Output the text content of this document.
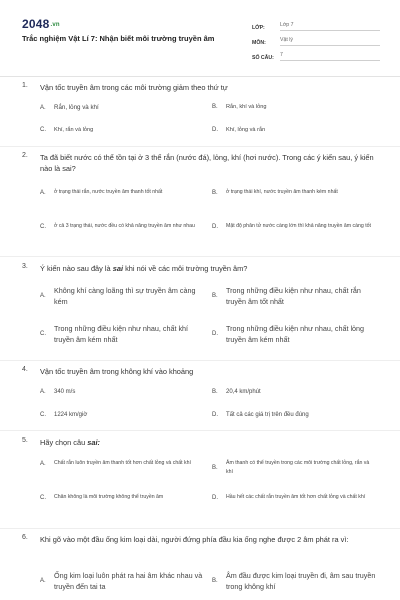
2048.vn
Trắc nghiệm Vật Lí 7: Nhận biết môi trường truyền âm
LỚP:	Lớp 7
MÔN:	Vật lý
SỐ CÂU:	7
1. Vận tốc truyền âm trong các môi trường giảm theo thứ tự
A.	Rắn, lỏng và khí	B.	Rắn, khí và lỏng
C.	Khí, rắn và lỏng	D.	Khí, lỏng và rắn
2. Ta đã biết nước có thể tồn tại ở 3 thể rắn (nước đá), lỏng, khí (hơi nước). Trong các ý kiến sau, ý kiến nào là sai?
A.	ở trạng thái rắn, nước truyền âm thanh tốt nhất	B.	ở trạng thái khí, nước truyền âm thanh kém nhất
C.	ở cả 3 trạng thái, nước đều có khả năng truyền âm như nhau	D.	Mật độ phân tử nước càng lớn thì khả năng truyền âm càng tốt
3. Ý kiến nào sau đây là sai khi nói về các môi trường truyền âm?
A.
Không khí càng loãng thì sự truyền âm càng kém
B.
Trong những điều kiện như nhau, chất rắn truyền âm tốt nhất
C.
Trong những điều kiện như nhau, chất khí truyền âm kém nhất
D.
Trong những điều kiện như nhau, chất lỏng truyền âm kém nhất
4. Vận tốc truyền âm trong không khí vào khoảng
A.	340 m/s	B.	20,4 km/phút
C.	1224 km/giờ	D.	Tất cả các giá trị trên đều đúng
5. Hãy chọn câu sai:
A.	Chất rắn luôn truyền âm thanh tốt hơn chất lỏng và chất khí
B.
Âm thanh có thể truyền trong các môi trường chất lỏng, rắn và khí
C.	Chân không là môi trường không thể truyền âm	D.	Hầu hết các chất rắn truyền âm tốt hơn chất lỏng và chất khí
6. Khi gõ vào một đầu ống kim loại dài, người đứng phía đầu kia ống nghe được 2 âm phát ra vì:
A.
Ống kim loại luôn phát ra hai âm khác nhau và truyền đến tai ta
B.
Âm đầu được kim loại truyền đi, âm sau truyền trong không khí
